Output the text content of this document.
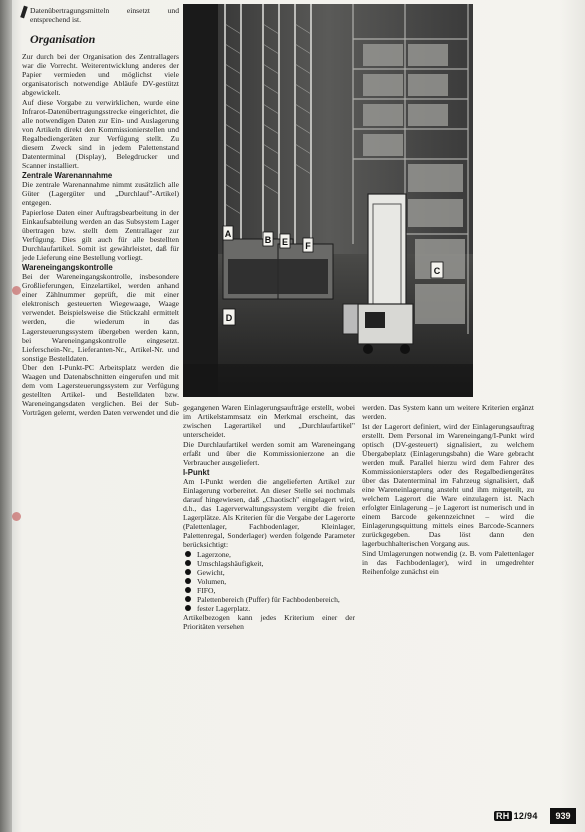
Datenübertragungsmitteln einsetzt und entsprechend ist.

Organisation

Zur durch bei der Organisation des Zentrallagers war die Vorrecht. Weiterentwicklung anderes der Papier vermieden und möglichst viele organisatorisch notwendige Abläufe DV-gestützt abgewickelt.

Auf diese Vorgabe zu verwirklichen, wurde eine Infrarot-Datenübertragungsstrecke eingerichtet, die alle notwendigen Daten zur Ein- und Auslagerung von Artikeln direkt den Kommissionierstellen und Regalbediengeräten zur Verfügung stellt. Zu diesem Zweck sind in jedem Palettenstand Datenterminal (Display), Belegdrucker und Scanner installiert.

Zentrale Warenannahme

Die zentrale Warenannahme nimmt zusätzlich alle Güter (Lagergüter und „Durchlauf"-Artikel) entgegen.

Papierlose Daten einer Auftragsbearbeitung in der Einkaufsabteilung werden an das Subsystem Lager übertragen bzw. stellt dem Zentrallager zur Verfügung. Dies gilt auch für alle bestellten Durchlaufartikel. Somit ist gewährleistet, daß für jede Lieferung eine Bestellung vorliegt.

Wareneingangskontrolle

Bei der Wareneingangskontrolle, insbesondere Großlieferungen, Einzelartikel, werden anhand einer Zählnummer geprüft, die mit einer elektronisch gesteuerten Wiegewaage, Waage verwendet. Beispielsweise die Stückzahl ermittelt werden, die wiederum in das Lagersteuerungssystem übergeben werden kann, bei Wareneingangskontrolle eingesetzt. Lieferschein-Nr., Lieferanten-Nr., Artikel-Nr. und sonstige Bestelldaten.

Über den I-Punkt-PC Arbeitsplatz werden die Waagen und Datenabschnitten eingerufen und mit dem vom Lagersteuerungssystem zur Verfügung gestellten Artikel- und Bestelldaten bzw. Wareneingangsdaten verglichen. Bei der Sub-Vorträgen gelernt, werden Daten verwendet und die

A
B E F
C
D

gegangenen Waren Einlagerungsaufträge erstellt, wobei im Artikelstammsatz ein Merkmal erscheint, das zwischen Lagerartikel und „Durchlaufartikel" unterscheidet.

Die Durchlaufartikel werden somit am Wareneingang erfaßt und über die Kommissionierzone an die Verbraucher ausgeliefert.

I-Punkt

Am I-Punkt werden die angelieferten Artikel zur Einlagerung vorbereitet. An dieser Stelle sei nochmals darauf hingewiesen, daß „Chaotisch" eingelagert wird, d.h., das Lagerverwaltungssystem vergibt die freien Lagerplätze. Als Kriterien für die Vergabe der Lagerorte (Palettenlager, Fachbodenlager, Kleinlager, Palettenregal, Sonderlager) werden folgende Parameter berücksichtigt:

Lagerzone,
Umschlagshäufigkeit,
Gewicht,
Volumen,
FIFO,
Palettenbereich (Puffer) für Fachbodenbereich,
fester Lagerplatz.

Artikelbezogen kann jedes Kriterium einer der Prioritäten versehen

werden. Das System kann um weitere Kriterien ergänzt werden.

Ist der Lagerort definiert, wird der Einlagerungsauftrag erstellt. Dem Personal im Wareneingang/I-Punkt wird optisch (DV-gesteuert) signalisiert, zu welchem Übergabeplatz (Einlagerungsbahn) die Ware gebracht werden muß. Parallel hierzu wird dem Fahrer des Kommissionierstaplers oder des Regalbediengerätes über das Datenterminal im Fahrzeug signalisiert, daß eine Wareneinlagerung ansteht und ihm mitgeteilt, zu welchem Lagerort die Ware einzulagern ist. Nach erfolgter Einlagerung – je Lagerort ist numerisch und in einem Barcode gekennzeichnet – wird die Einlagerungsquittung mittels eines Barcode-Scanners zurückgegeben. Das löst dann den lagerbuchhalterischen Vorgang aus.

Sind Umlagerungen notwendig (z. B. vom Palettenlager in das Fachbodenlager), wird in umgedrehter Reihenfolge zunächst ein

RH 12/94	939
